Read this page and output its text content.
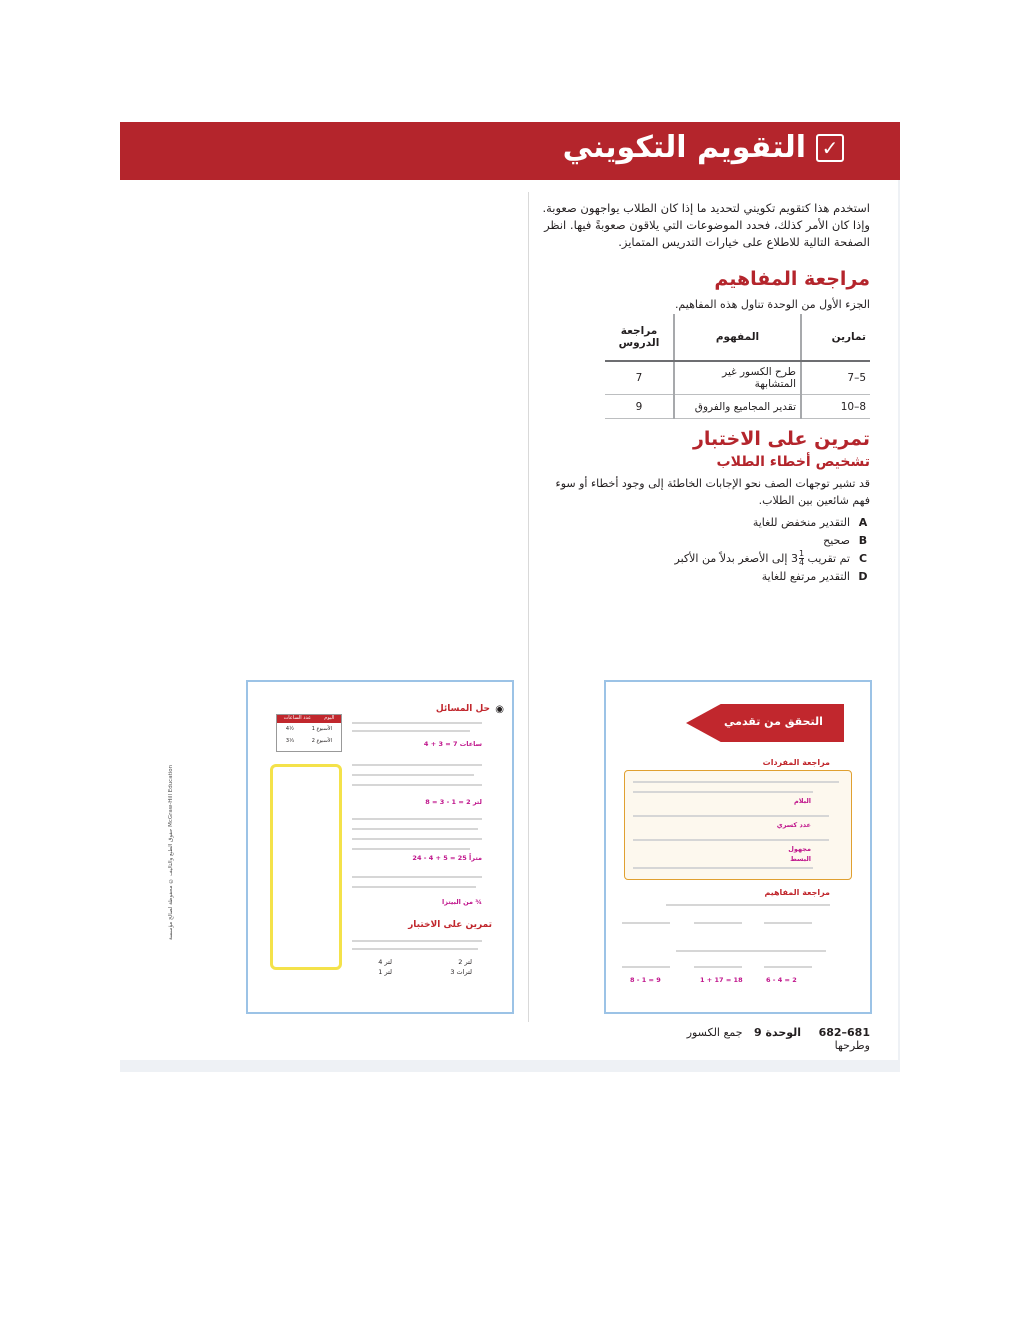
✓
التقويم التكويني
استخدم هذا كتقويم تكويني لتحديد ما إذا كان الطلاب يواجهون صعوبة. وإذا كان الأمر كذلك، فحدد الموضوعات التي يلاقون صعوبةً فيها. انظر الصفحة التالية للاطلاع على خيارات التدريس المتمايز.
مراجعة المفاهيم
الجزء الأول من الوحدة تناول هذه المفاهيم.
تمارين	المفهوم	مراجعة
الدروس
5–7	طرح الكسور غير المتشابهة	7
8–10	تقدير المجاميع والفروق	9
تمرين على الاختبار
تشخيص أخطاء الطلاب
قد تشير توجهات الصف نحو الإجابات الخاطئة إلى وجود أخطاء أو سوء فهم شائعين بين الطلاب.
A
التقدير منخفض للغاية
B
صحيح
C
تم تقريب
3 1
4
إلى الأصغر بدلاً من الأكبر
D
التقدير مرتفع للغاية
حقوق الطبع والتأليف © محفوظة لصالح مؤسسة McGraw-Hill Education
حل المسائل ◉
عدد الساعات	اليوم
4½	الأسبوع 1
3⅓	الأسبوع 2	ساعات 7 = 3 + 4
لتر 2 = 1 - 3 = 8
متراً 25 = 5 + 4 - 24
¾ من البيتزا
تمرين على الاختبار
لتر 2
لتر 4
لترات 3
لتر 1
التحقق من تقدمي
مراجعة المفردات
البلام
عدد كسري
مجهول
البسط
مراجعة المفاهيم
9 = 1 - 8	18 = 17 + 1	2 = 4 - 6
681–682 الوحدة 9 جمع الكسور وطرحها
